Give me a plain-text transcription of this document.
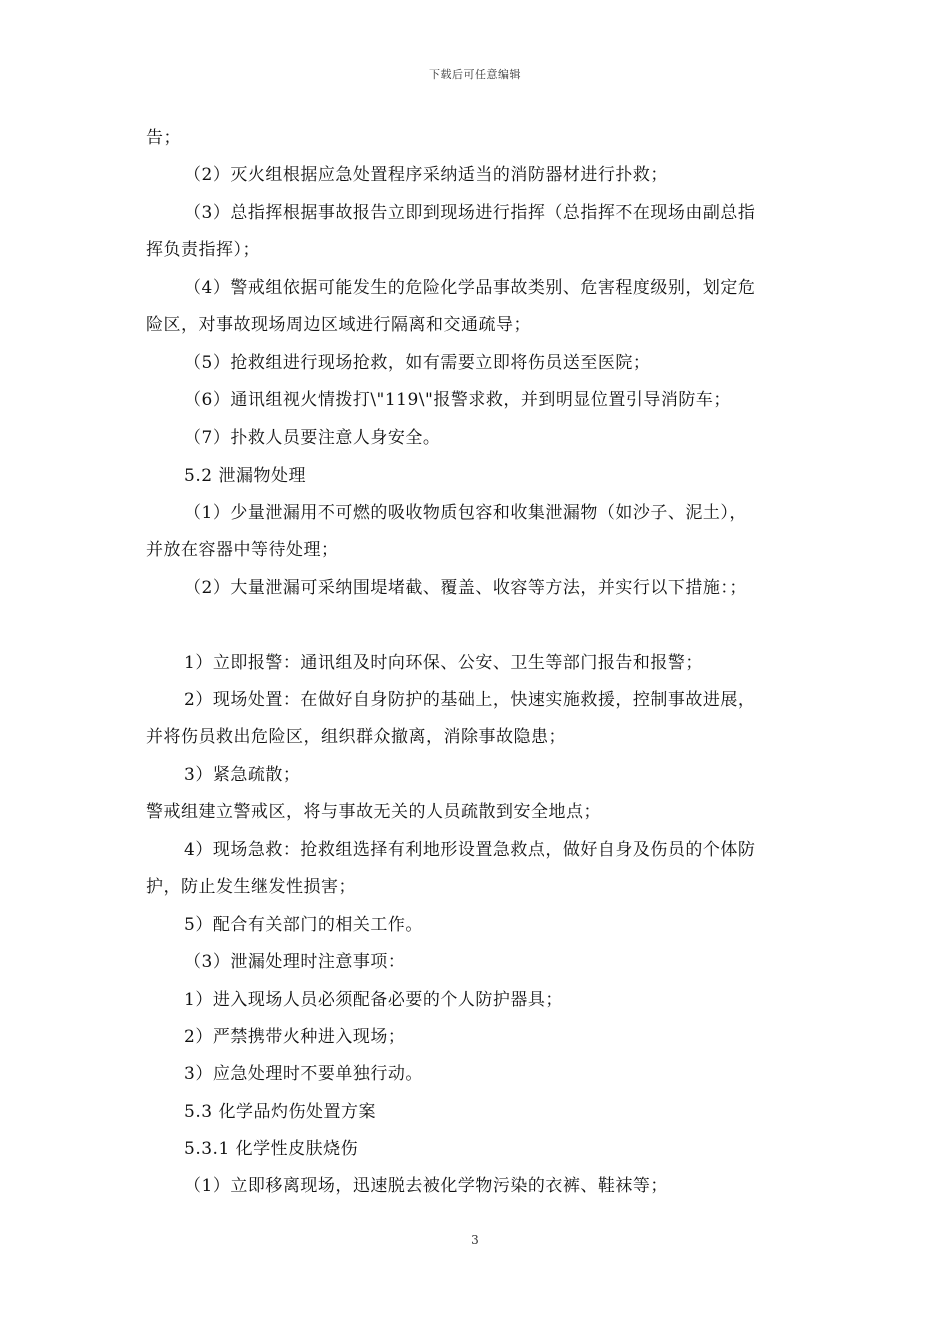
下载后可任意编辑
告；
（2）灭火组根据应急处置程序采纳适当的消防器材进行扑救；
（3）总指挥根据事故报告立即到现场进行指挥（总指挥不在现场由副总指
挥负责指挥）；
（4）警戒组依据可能发生的危险化学品事故类别、危害程度级别，划定危
险区，对事故现场周边区域进行隔离和交通疏导；
（5）抢救组进行现场抢救，如有需要立即将伤员送至医院；
（6）通讯组视火情拨打\"119\"报警求救，并到明显位置引导消防车；
（7）扑救人员要注意人身安全。
5.2 泄漏物处理
（1）少量泄漏用不可燃的吸收物质包容和收集泄漏物（如沙子、泥土），
并放在容器中等待处理；
（2）大量泄漏可采纳围堤堵截、覆盖、收容等方法，并实行以下措施：；
1）立即报警：通讯组及时向环保、公安、卫生等部门报告和报警；
2）现场处置：在做好自身防护的基础上，快速实施救援，控制事故进展，
并将伤员救出危险区，组织群众撤离，消除事故隐患；
3）紧急疏散；
警戒组建立警戒区，将与事故无关的人员疏散到安全地点；
4）现场急救：抢救组选择有利地形设置急救点，做好自身及伤员的个体防
护，防止发生继发性损害；
5）配合有关部门的相关工作。
（3）泄漏处理时注意事项：
1）进入现场人员必须配备必要的个人防护器具；
2）严禁携带火种进入现场；
3）应急处理时不要单独行动。
5.3 化学品灼伤处置方案
5.3.1 化学性皮肤烧伤
（1）立即移离现场，迅速脱去被化学物污染的衣裤、鞋袜等；
3
